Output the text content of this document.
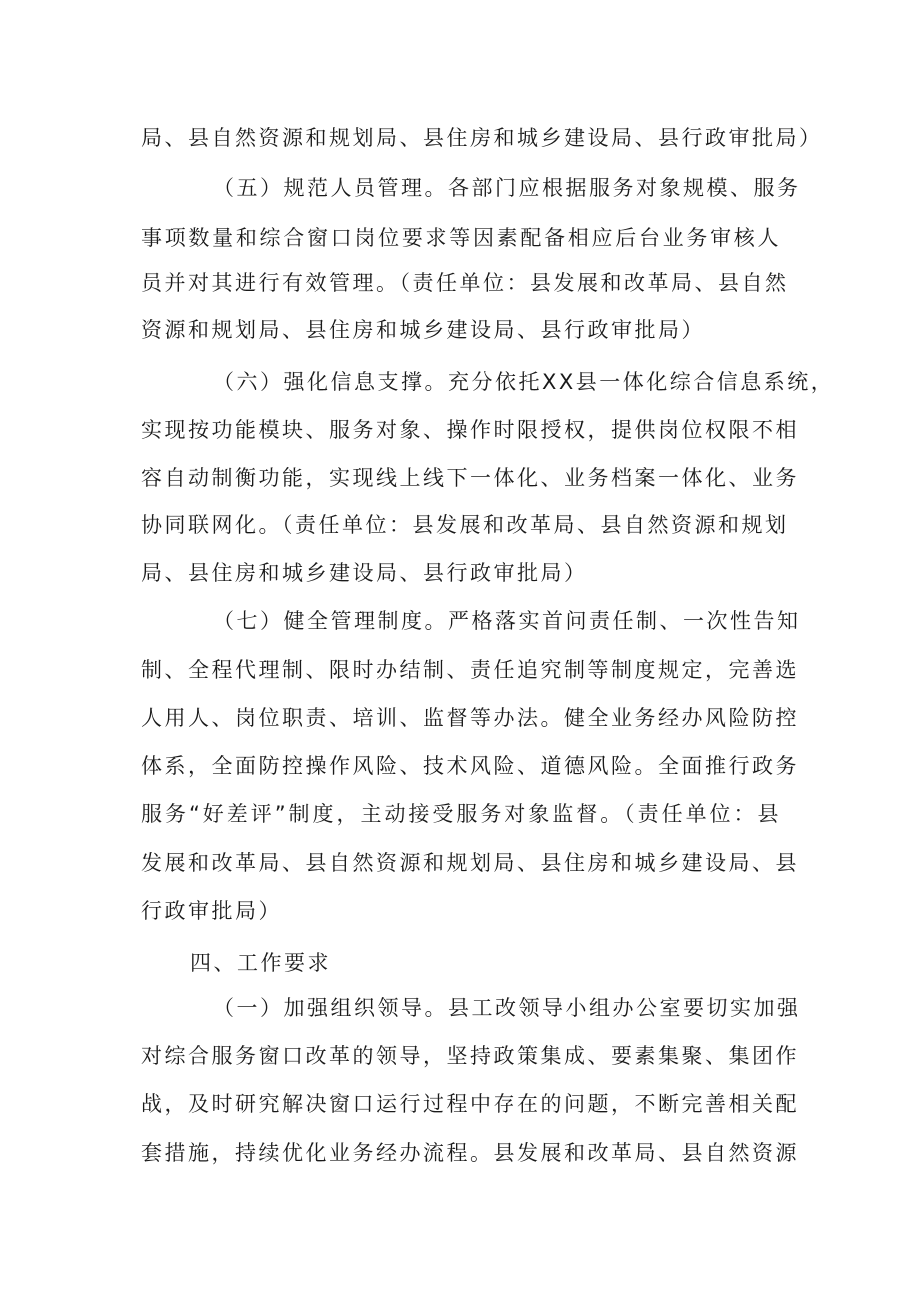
局、县自然资源和规划局、县住房和城乡建设局、县行政审批局）
（五）规范人员管理。各部门应根据服务对象规模、服务
事项数量和综合窗口岗位要求等因素配备相应后台业务审核人
员并对其进行有效管理。（责任单位：县发展和改革局、县自然
资源和规划局、县住房和城乡建设局、县行政审批局）
（六）强化信息支撑。充分依托XX县一体化综合信息系统，
实现按功能模块、服务对象、操作时限授权，提供岗位权限不相
容自动制衡功能，实现线上线下一体化、业务档案一体化、业务
协同联网化。（责任单位：县发展和改革局、县自然资源和规划
局、县住房和城乡建设局、县行政审批局）
（七）健全管理制度。严格落实首问责任制、一次性告知
制、全程代理制、限时办结制、责任追究制等制度规定，完善选
人用人、岗位职责、培训、监督等办法。健全业务经办风险防控
体系，全面防控操作风险、技术风险、道德风险。全面推行政务
服务“好差评”制度，主动接受服务对象监督。（责任单位：县
发展和改革局、县自然资源和规划局、县住房和城乡建设局、县
行政审批局）
四、工作要求
（一）加强组织领导。县工改领导小组办公室要切实加强
对综合服务窗口改革的领导，坚持政策集成、要素集聚、集团作
战，及时研究解决窗口运行过程中存在的问题，不断完善相关配
套措施，持续优化业务经办流程。县发展和改革局、县自然资源
